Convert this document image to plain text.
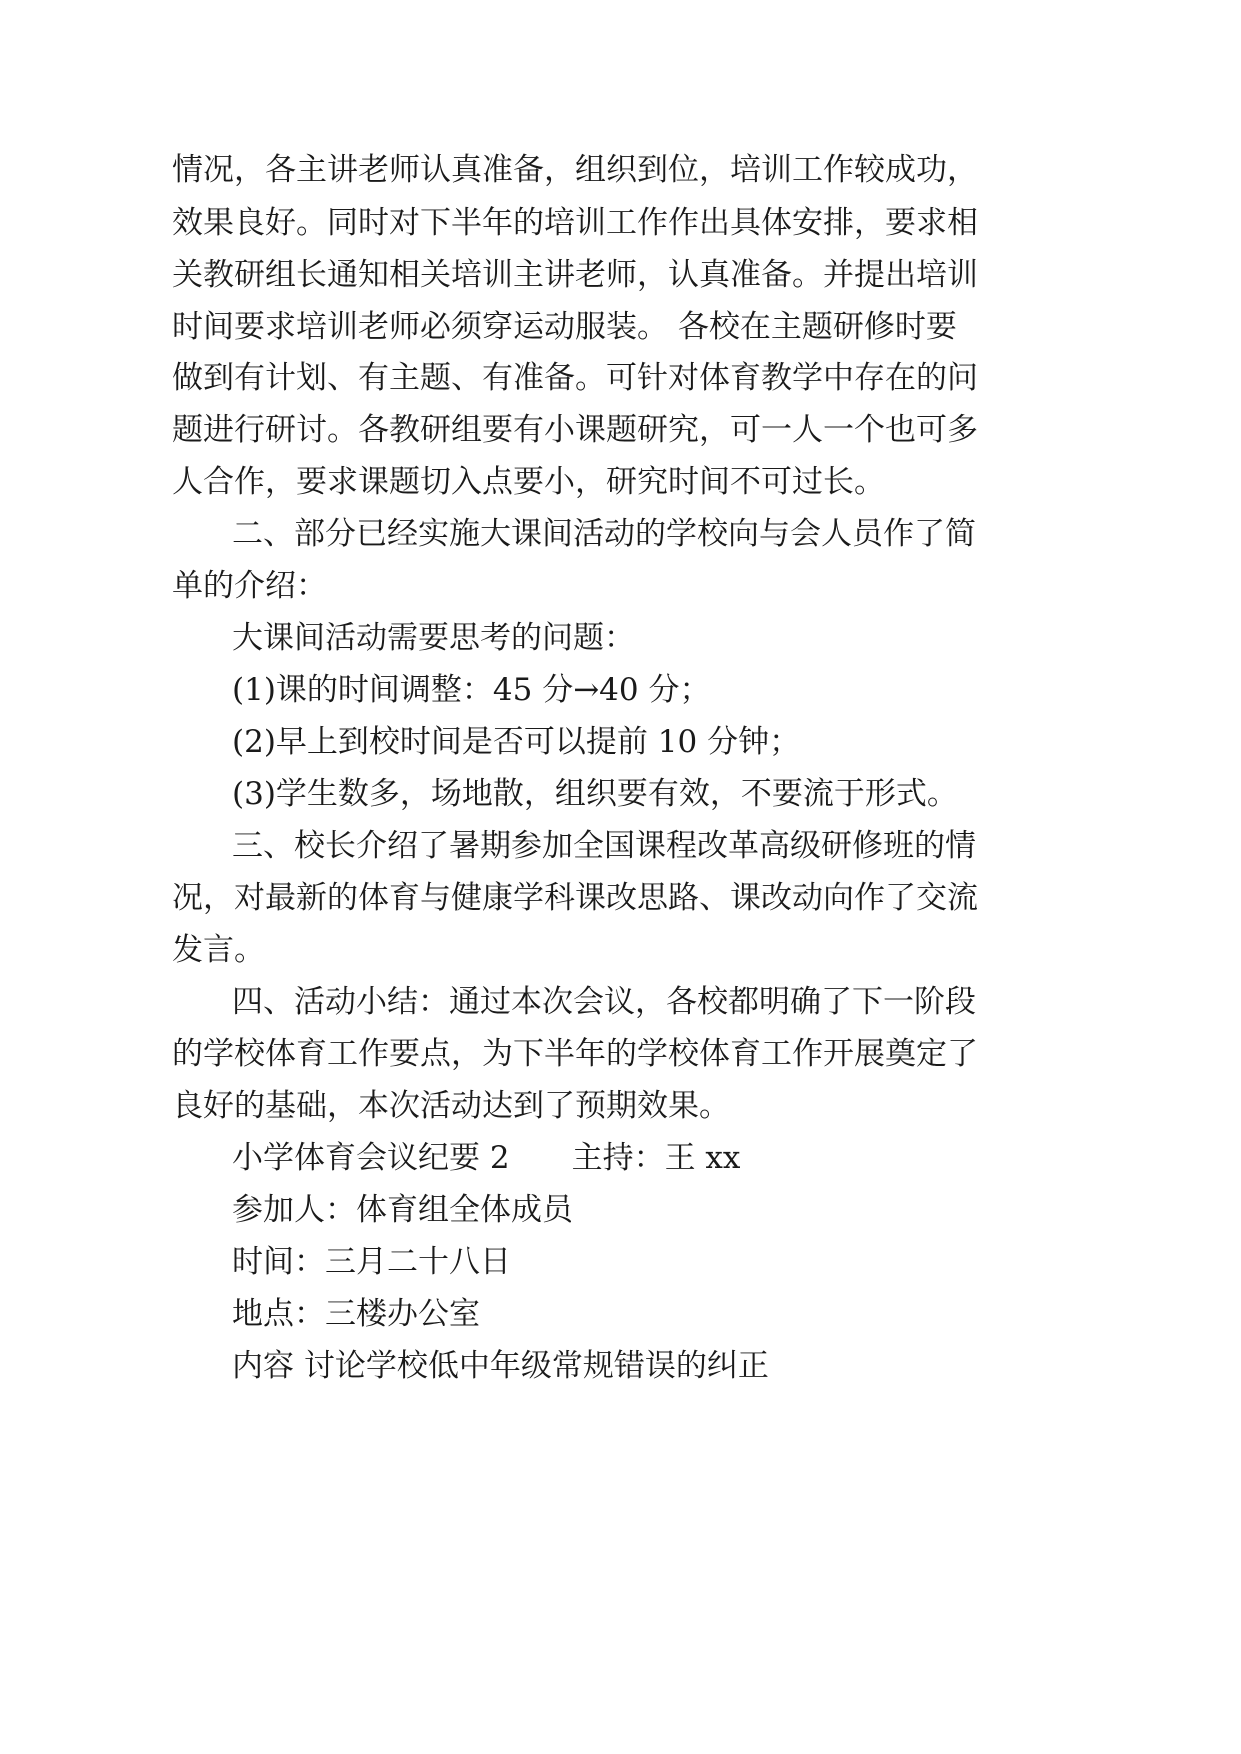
情况，各主讲老师认真准备，组织到位，培训工作较成功，

效果良好。同时对下半年的培训工作作出具体安排，要求相

关教研组长通知相关培训主讲老师，认真准备。并提出培训

时间要求培训老师必须穿运动服装。 各校在主题研修时要

做到有计划、有主题、有准备。可针对体育教学中存在的问

题进行研讨。各教研组要有小课题研究，可一人一个也可多

人合作，要求课题切入点要小，研究时间不可过长。

二、部分已经实施大课间活动的学校向与会人员作了简

单的介绍：

大课间活动需要思考的问题：

(1)课的时间调整：45 分→40 分；

(2)早上到校时间是否可以提前 10 分钟；

(3)学生数多，场地散，组织要有效，不要流于形式。

三、校长介绍了暑期参加全国课程改革高级研修班的情

况，对最新的体育与健康学科课改思路、课改动向作了交流

发言。

四、活动小结：通过本次会议，各校都明确了下一阶段

的学校体育工作要点，为下半年的学校体育工作开展奠定了

良好的基础，本次活动达到了预期效果。

小学体育会议纪要 2　　主持：王 xx

参加人：体育组全体成员

时间：三月二十八日

地点：三楼办公室

内容 讨论学校低中年级常规错误的纠正
